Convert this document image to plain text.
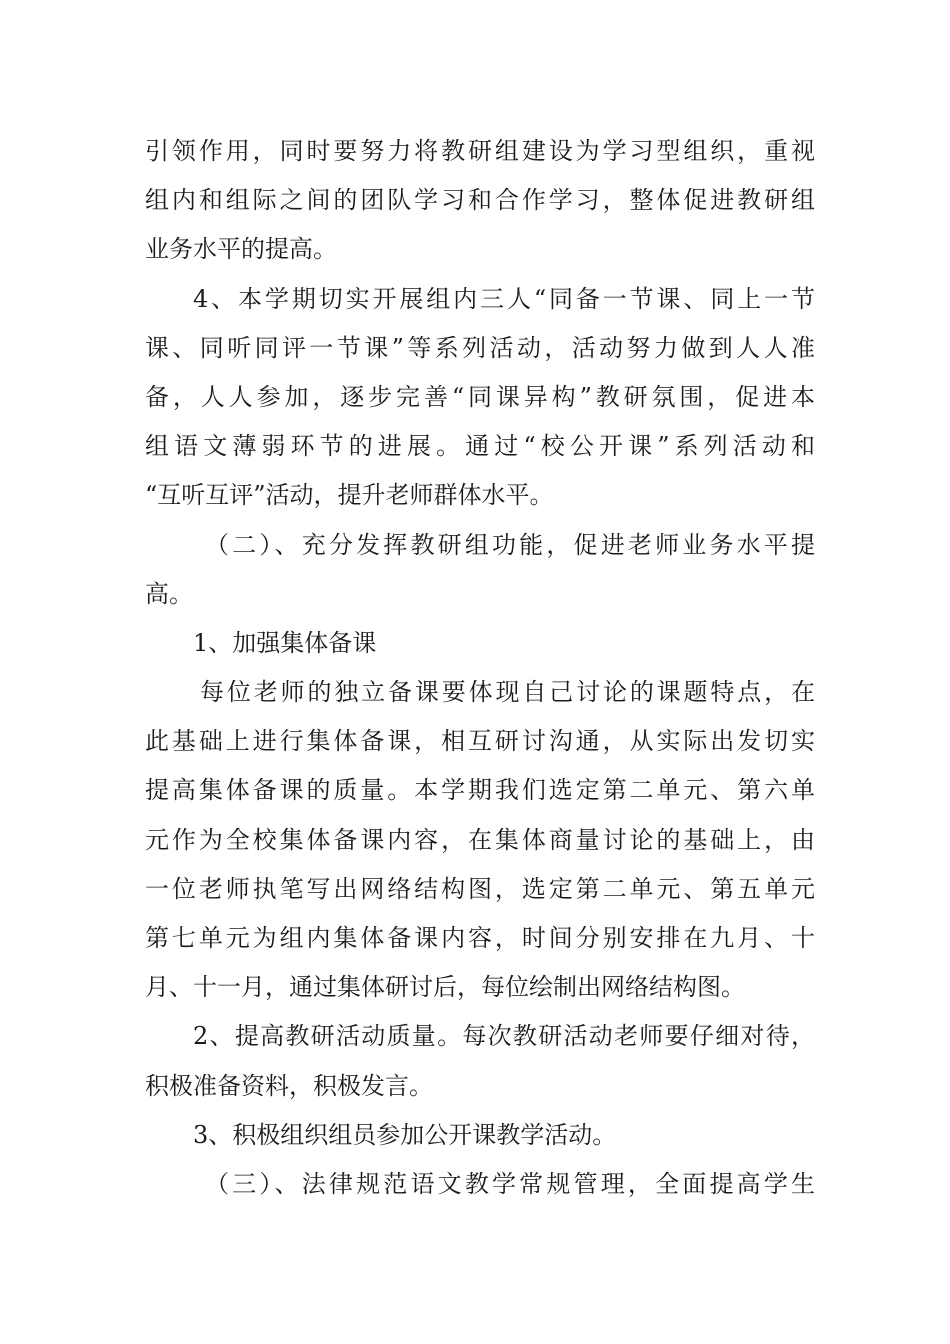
引领作用，同时要努力将教研组建设为学习型组织，重视
组内和组际之间的团队学习和合作学习，整体促进教研组
业务水平的提高。
4、本学期切实开展组内三人“同备一节课、同上一节
课、同听同评一节课”等系列活动，活动努力做到人人准
备，人人参加，逐步完善“同课异构”教研氛围，促进本
组语文薄弱环节的进展。通过“校公开课”系列活动和
“互听互评”活动，提升老师群体水平。
（二）、充分发挥教研组功能，促进老师业务水平提
高。
1、加强集体备课
每位老师的独立备课要体现自己讨论的课题特点，在
此基础上进行集体备课，相互研讨沟通，从实际出发切实
提高集体备课的质量。本学期我们选定第二单元、第六单
元作为全校集体备课内容，在集体商量讨论的基础上，由
一位老师执笔写出网络结构图，选定第二单元、第五单元
第七单元为组内集体备课内容，时间分别安排在九月、十
月、十一月，通过集体研讨后，每位绘制出网络结构图。
2、提高教研活动质量。每次教研活动老师要仔细对待，
积极准备资料，积极发言。
3、积极组织组员参加公开课教学活动。
（三）、法律规范语文教学常规管理，全面提高学生
